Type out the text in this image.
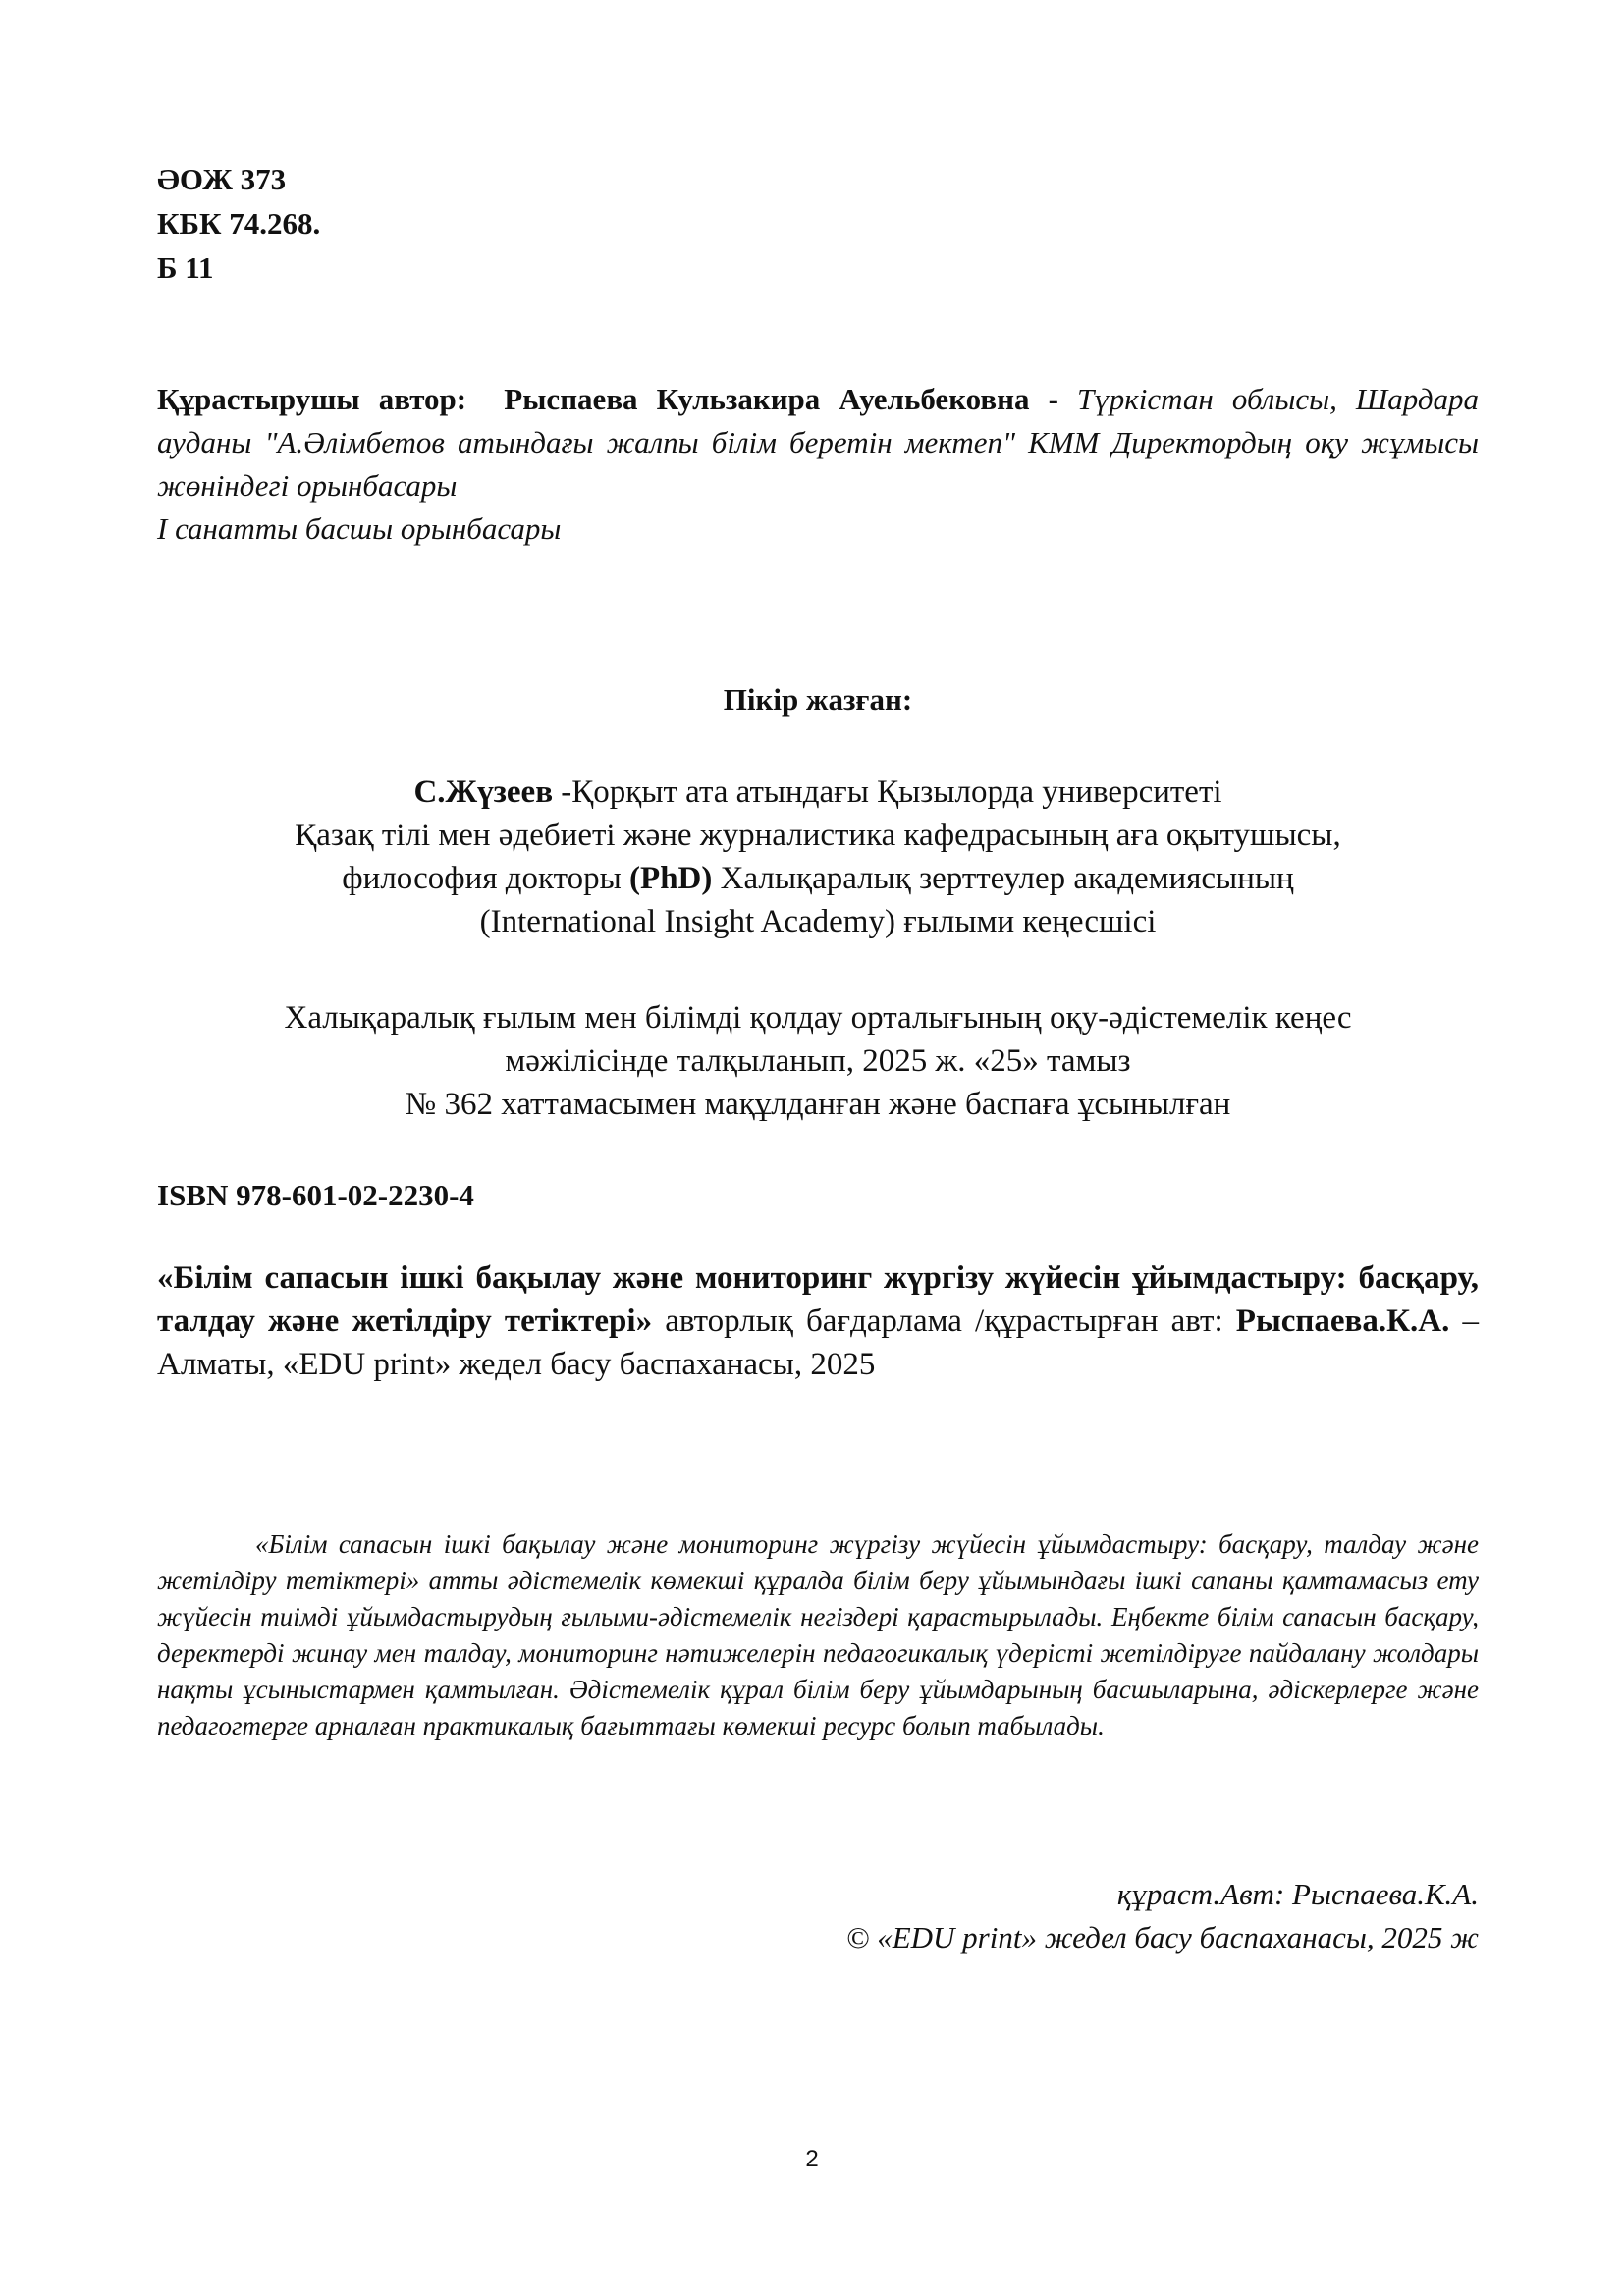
ӘОЖ 373
КБК 74.268.
Б 11
Құрастырушы автор: Рыспаева Кульзакира Ауельбековна - Түркістан облысы, Шардара ауданы "А.Әлімбетов атындағы жалпы білім беретін мектеп" КММ Директордың оқу жұмысы жөніндегі орынбасары
I санатты басшы орынбасары
Пікір жазған:
С.Жүзеев -Қорқыт ата атындағы Қызылорда университеті
Қазақ тілі мен әдебиеті және журналистика кафедрасының аға оқытушысы,
философия докторы (PhD) Халықаралық зерттеулер академиясының
(International Insight Academy) ғылыми кеңесшісі
Халықаралық ғылым мен білімді қолдау орталығының оқу-әдістемелік кеңес
мәжілісінде талқыланып, 2025 ж. «25» тамыз
№ 362 хаттамасымен мақұлданған және баспаға ұсынылған
ISBN 978-601-02-2230-4
«Білім сапасын ішкі бақылау және мониторинг жүргізу жүйесін ұйымдастыру: басқару, талдау және жетілдіру тетіктері» авторлық бағдарлама /құрастырған авт: Рыспаева.К.А. – Алматы, «EDU print» жедел басу баспаханасы, 2025
«Білім сапасын ішкі бақылау және мониторинг жүргізу жүйесін ұйымдастыру: басқару, талдау және жетілдіру тетіктері» атты әдістемелік көмекші құралда білім беру ұйымындағы ішкі сапаны қамтамасыз ету жүйесін тиімді ұйымдастырудың ғылыми-әдістемелік негіздері қарастырылады. Еңбекте білім сапасын басқару, деректерді жинау мен талдау, мониторинг нәтижелерін педагогикалық үдерісті жетілдіруге пайдалану жолдары нақты ұсыныстармен қамтылған. Әдістемелік құрал білім беру ұйымдарының басшыларына, әдіскерлерге және педагогтерге арналған практикалық бағыттағы көмекші ресурс болып табылады.
құраст.Авт: Рыспаева.К.А.
© «EDU print» жедел басу баспаханасы, 2025 ж
2
